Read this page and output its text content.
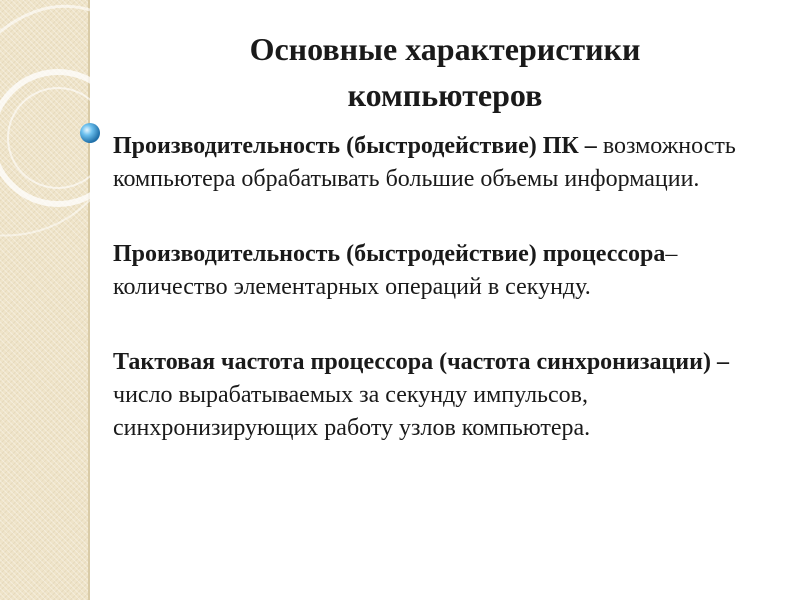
Основные характеристики
компьютеров

Производительность (быстродействие) ПК – возможность компьютера обрабатывать большие объемы информации.

Производительность (быстродействие) процессора– количество элементарных операций в секунду.

Тактовая частота процессора (частота синхронизации) – число вырабатываемых за секунду импульсов, синхронизирующих работу узлов компьютера.
